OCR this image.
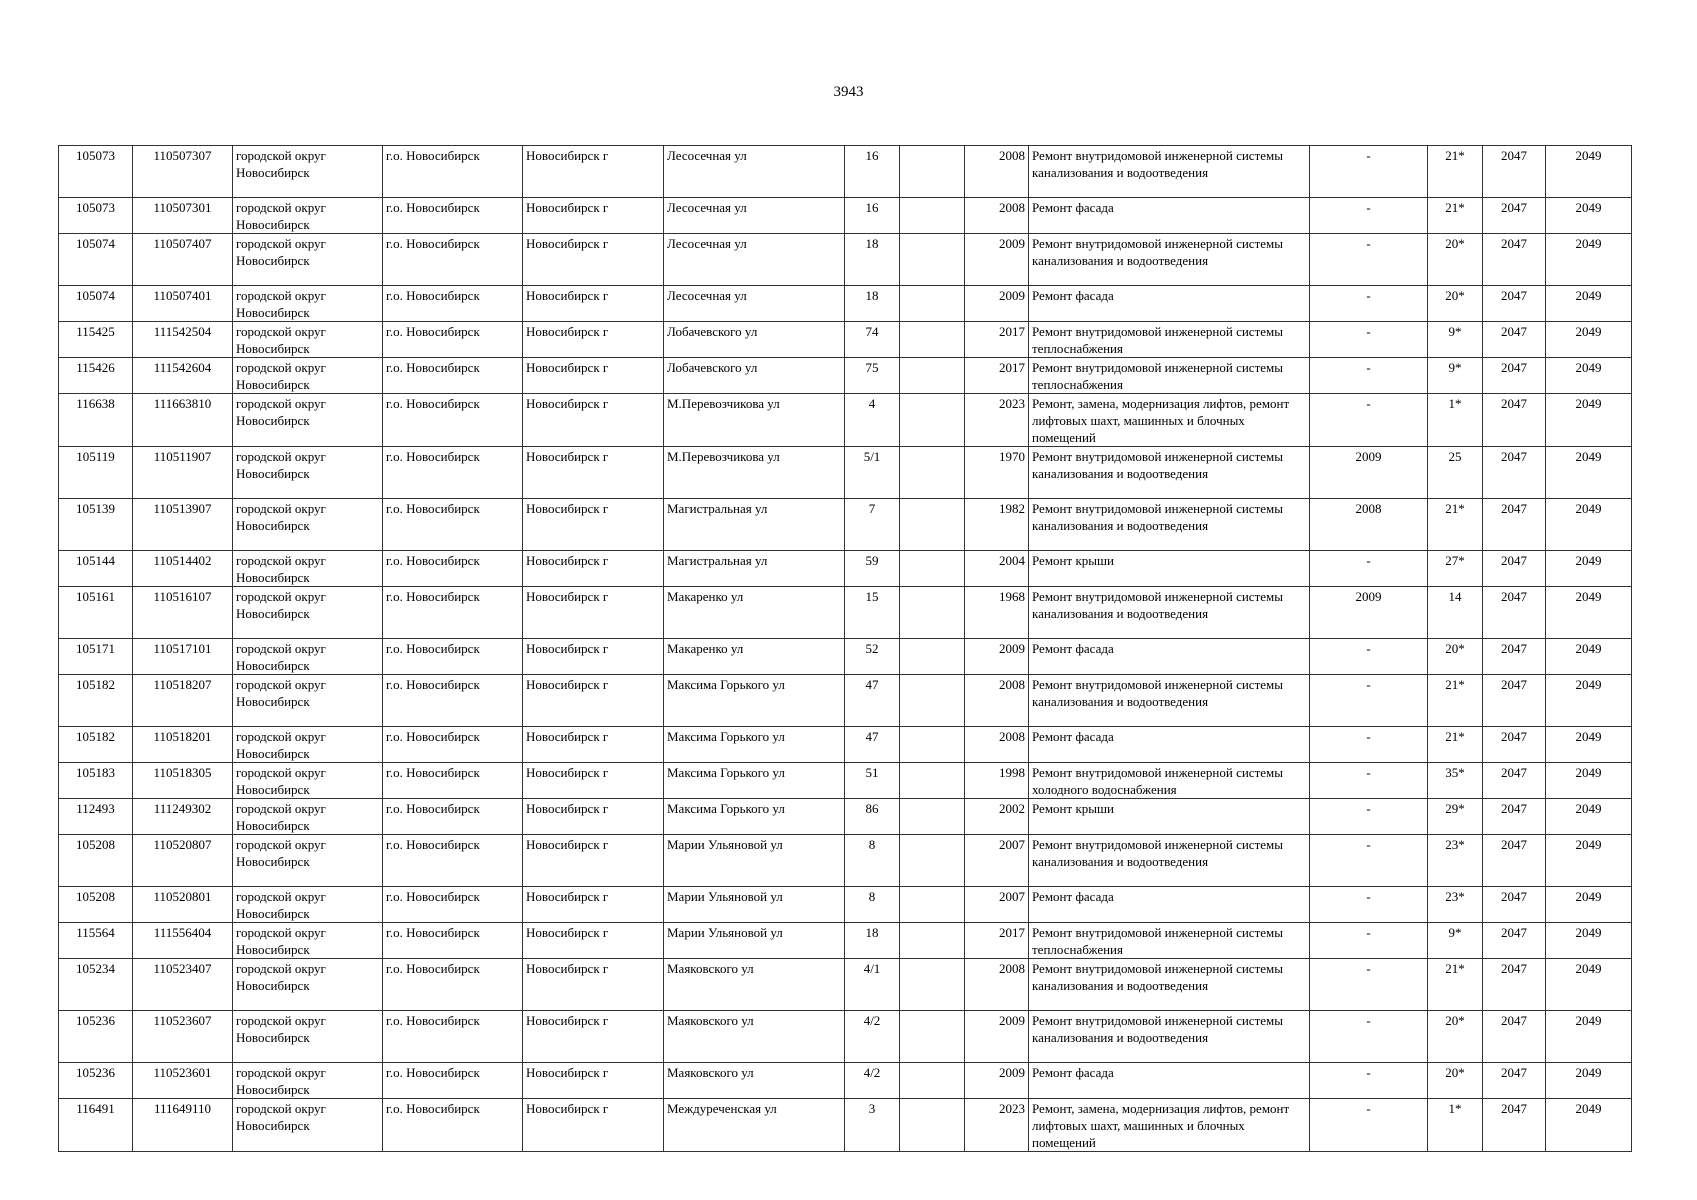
3943
105073	110507307	городской округ Новосибирск	г.о. Новосибирск	Новосибирск г	Лесосечная ул	16		2008	Ремонт внутридомовой инженерной системы канализования и водоотведения	-	21*	2047	2049
105073	110507301	городской округ Новосибирск	г.о. Новосибирск	Новосибирск г	Лесосечная ул	16		2008	Ремонт фасада	-	21*	2047	2049
105074	110507407	городской округ Новосибирск	г.о. Новосибирск	Новосибирск г	Лесосечная ул	18		2009	Ремонт внутридомовой инженерной системы канализования и водоотведения	-	20*	2047	2049
105074	110507401	городской округ Новосибирск	г.о. Новосибирск	Новосибирск г	Лесосечная ул	18		2009	Ремонт фасада	-	20*	2047	2049
115425	111542504	городской округ Новосибирск	г.о. Новосибирск	Новосибирск г	Лобачевского ул	74		2017	Ремонт внутридомовой инженерной системы теплоснабжения	-	9*	2047	2049
115426	111542604	городской округ Новосибирск	г.о. Новосибирск	Новосибирск г	Лобачевского ул	75		2017	Ремонт внутридомовой инженерной системы теплоснабжения	-	9*	2047	2049
116638	111663810	городской округ Новосибирск	г.о. Новосибирск	Новосибирск г	М.Перевозчикова ул	4		2023	Ремонт, замена, модернизация лифтов, ремонт лифтовых шахт, машинных и блочных помещений	-	1*	2047	2049
105119	110511907	городской округ Новосибирск	г.о. Новосибирск	Новосибирск г	М.Перевозчикова ул	5/1		1970	Ремонт внутридомовой инженерной системы канализования и водоотведения	2009	25	2047	2049
105139	110513907	городской округ Новосибирск	г.о. Новосибирск	Новосибирск г	Магистральная ул	7		1982	Ремонт внутридомовой инженерной системы канализования и водоотведения	2008	21*	2047	2049
105144	110514402	городской округ Новосибирск	г.о. Новосибирск	Новосибирск г	Магистральная ул	59		2004	Ремонт крыши	-	27*	2047	2049
105161	110516107	городской округ Новосибирск	г.о. Новосибирск	Новосибирск г	Макаренко ул	15		1968	Ремонт внутридомовой инженерной системы канализования и водоотведения	2009	14	2047	2049
105171	110517101	городской округ Новосибирск	г.о. Новосибирск	Новосибирск г	Макаренко ул	52		2009	Ремонт фасада	-	20*	2047	2049
105182	110518207	городской округ Новосибирск	г.о. Новосибирск	Новосибирск г	Максима Горького ул	47		2008	Ремонт внутридомовой инженерной системы канализования и водоотведения	-	21*	2047	2049
105182	110518201	городской округ Новосибирск	г.о. Новосибирск	Новосибирск г	Максима Горького ул	47		2008	Ремонт фасада	-	21*	2047	2049
105183	110518305	городской округ Новосибирск	г.о. Новосибирск	Новосибирск г	Максима Горького ул	51		1998	Ремонт внутридомовой инженерной системы холодного водоснабжения	-	35*	2047	2049
112493	111249302	городской округ Новосибирск	г.о. Новосибирск	Новосибирск г	Максима Горького ул	86		2002	Ремонт крыши	-	29*	2047	2049
105208	110520807	городской округ Новосибирск	г.о. Новосибирск	Новосибирск г	Марии Ульяновой ул	8		2007	Ремонт внутридомовой инженерной системы канализования и водоотведения	-	23*	2047	2049
105208	110520801	городской округ Новосибирск	г.о. Новосибирск	Новосибирск г	Марии Ульяновой ул	8		2007	Ремонт фасада	-	23*	2047	2049
115564	111556404	городской округ Новосибирск	г.о. Новосибирск	Новосибирск г	Марии Ульяновой ул	18		2017	Ремонт внутридомовой инженерной системы теплоснабжения	-	9*	2047	2049
105234	110523407	городской округ Новосибирск	г.о. Новосибирск	Новосибирск г	Маяковского ул	4/1		2008	Ремонт внутридомовой инженерной системы канализования и водоотведения	-	21*	2047	2049
105236	110523607	городской округ Новосибирск	г.о. Новосибирск	Новосибирск г	Маяковского ул	4/2		2009	Ремонт внутридомовой инженерной системы канализования и водоотведения	-	20*	2047	2049
105236	110523601	городской округ Новосибирск	г.о. Новосибирск	Новосибирск г	Маяковского ул	4/2		2009	Ремонт фасада	-	20*	2047	2049
116491	111649110	городской округ Новосибирск	г.о. Новосибирск	Новосибирск г	Междуреченская ул	3		2023	Ремонт, замена, модернизация лифтов, ремонт лифтовых шахт, машинных и блочных помещений	-	1*	2047	2049
